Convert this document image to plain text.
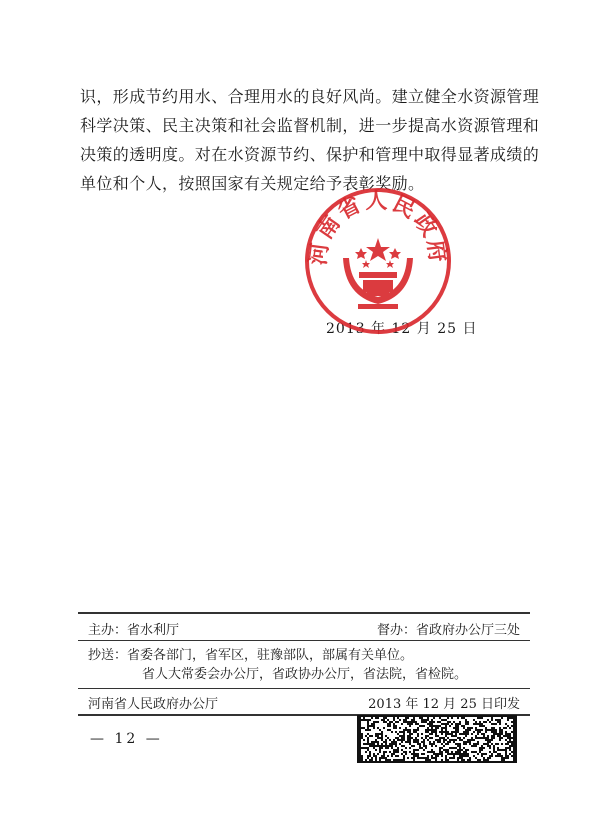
识，形成节约用水、合理用水的良好风尚。建立健全水资源管理

科学决策、民主决策和社会监督机制，进一步提高水资源管理和

决策的透明度。对在水资源节约、保护和管理中取得显著成绩的

单位和个人，按照国家有关规定给予表彰奖励。

2013 年 12 月 25 日
河南省人民政府
主办：省水利厅	督办：省政府办公厅三处
抄送：省委各部门，省军区，驻豫部队，部属有关单位。
省人大常委会办公厅，省政协办公厅，省法院，省检院。
河南省人民政府办公厅	2013 年 12 月 25 日印发
— 12 —
